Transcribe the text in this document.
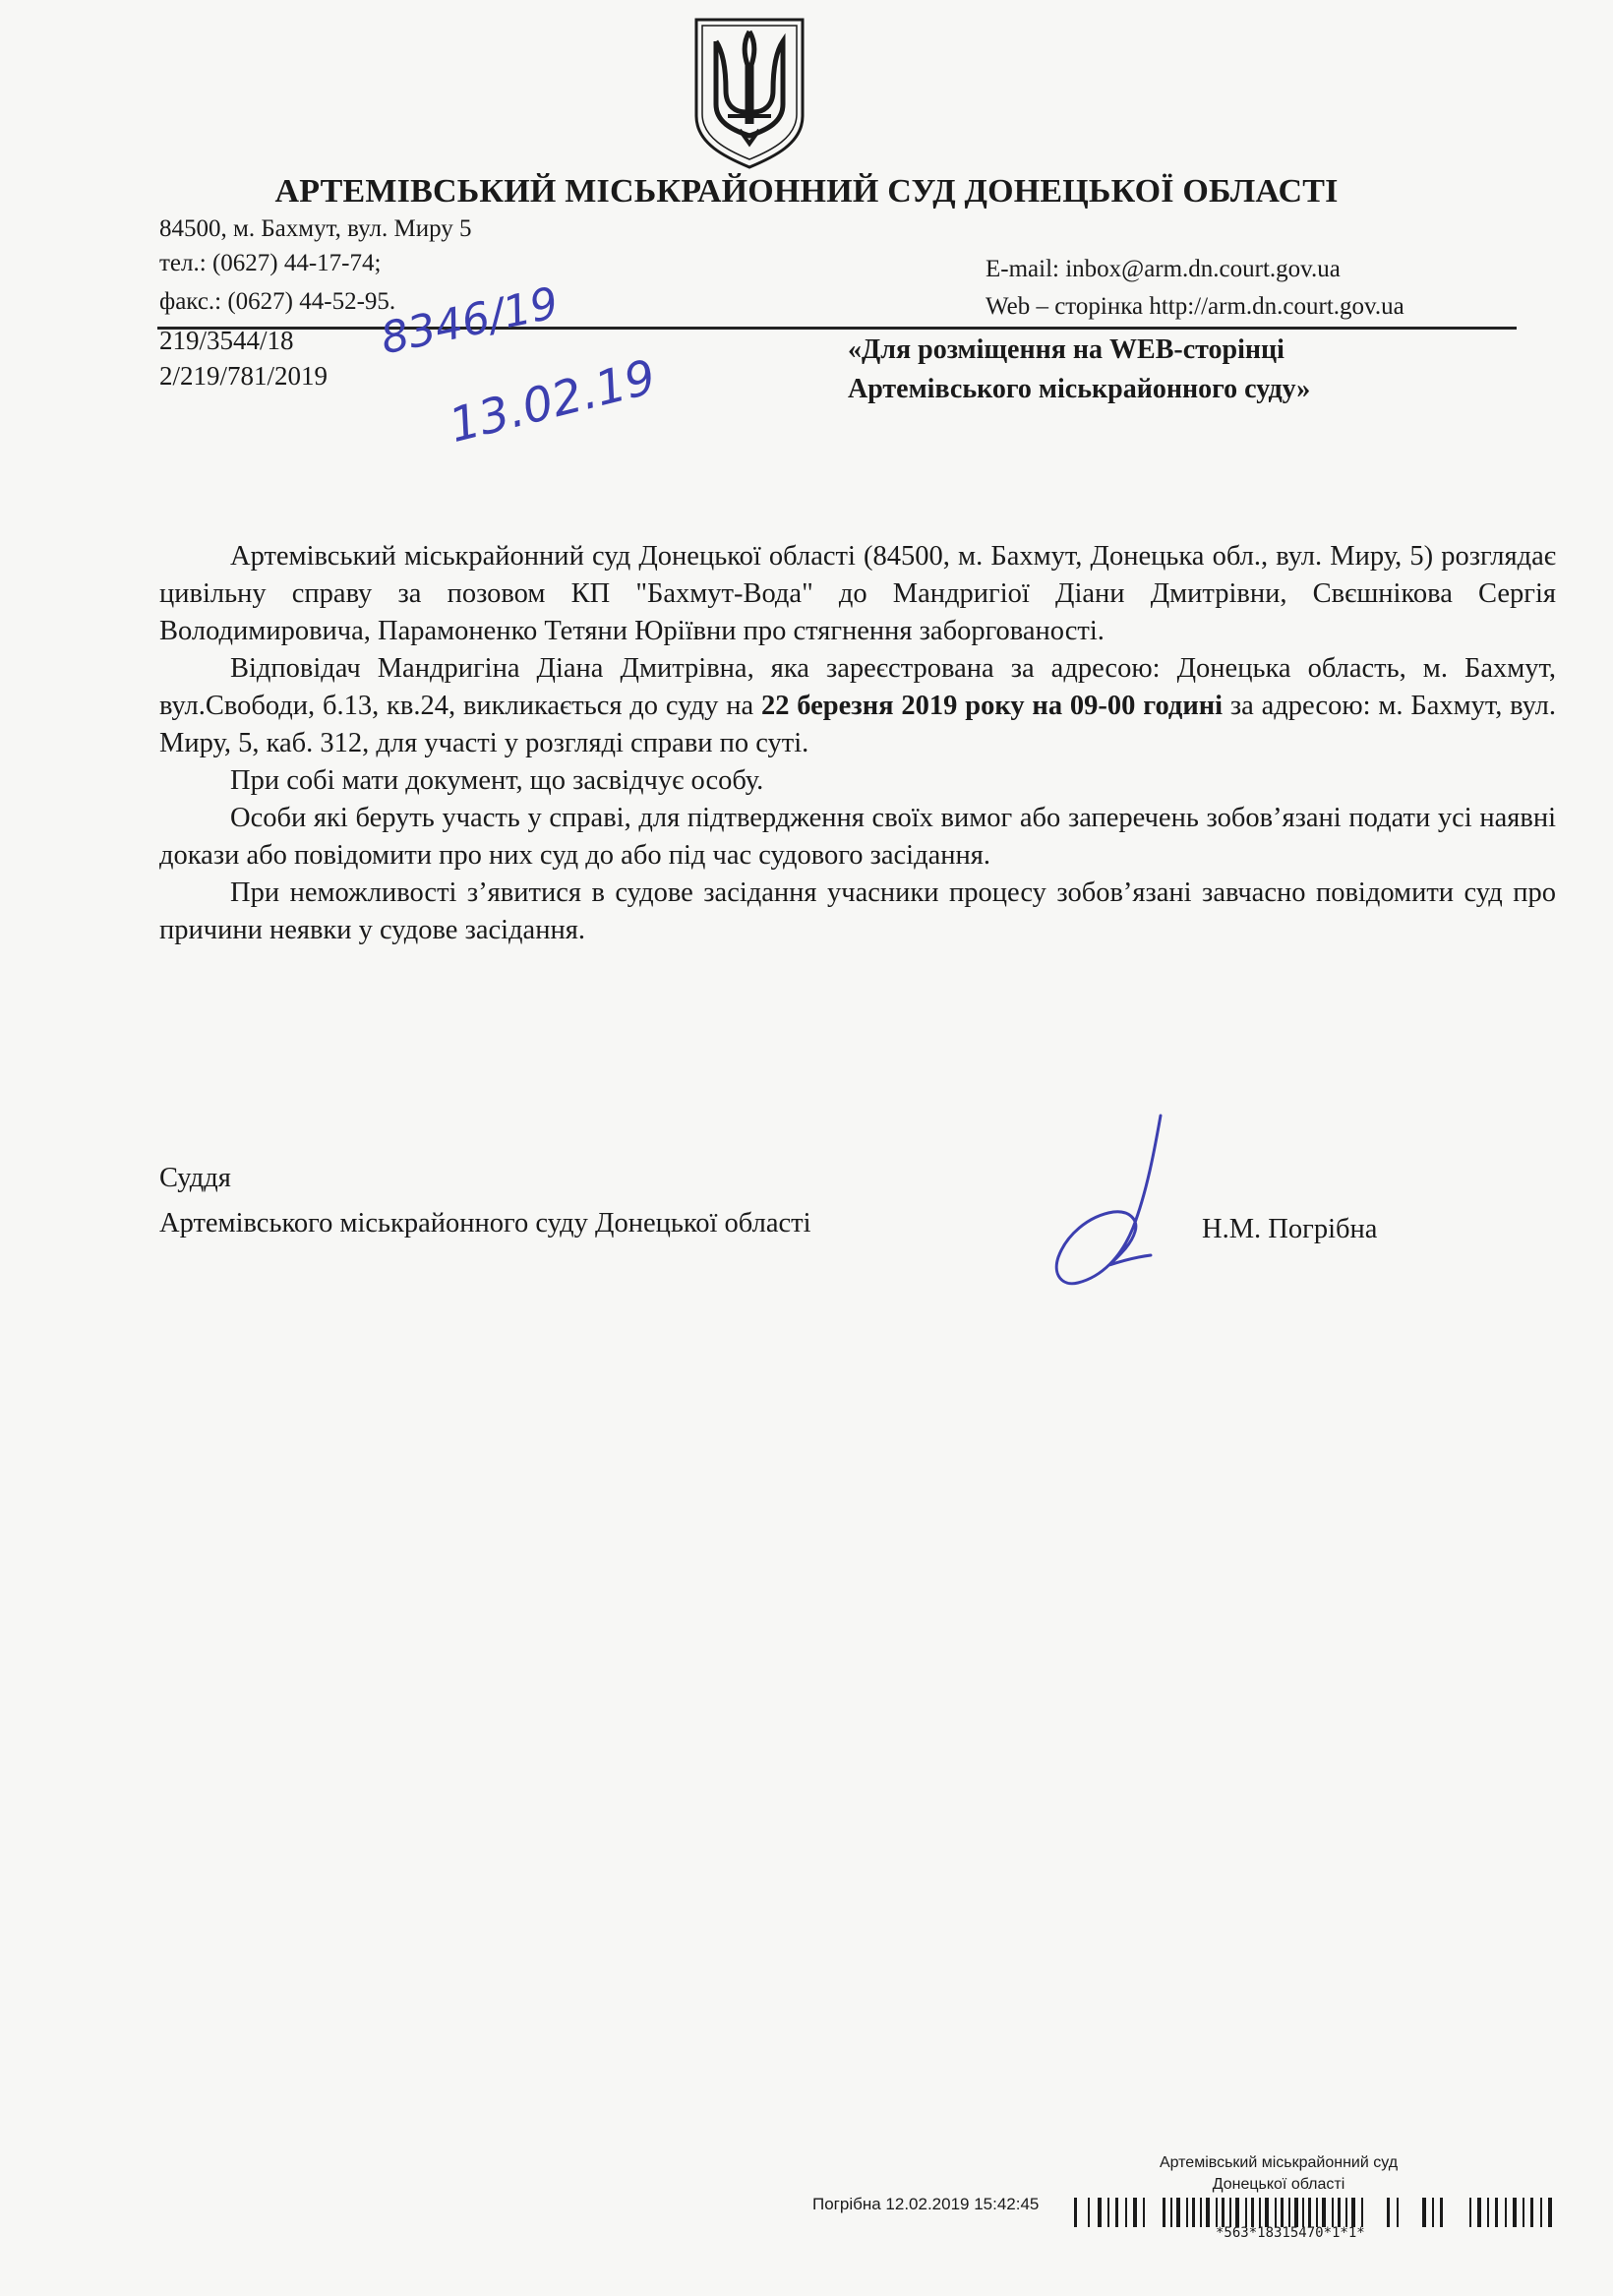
АРТЕМІВСЬКИЙ МІСЬКРАЙОННИЙ СУД ДОНЕЦЬКОЇ ОБЛАСТІ
84500, м. Бахмут, вул. Миру 5
тел.: (0627) 44-17-74;
факс.: (0627) 44-52-95.
E-mail: inbox@arm.dn.court.gov.ua
Web – сторінка http://arm.dn.court.gov.ua
219/3544/18
2/219/781/2019
8346/19
13.02.19	«Для розміщення на WEB-сторінці
Артемівського міськрайонного суду»

Артемівський міськрайонний суд Донецької області (84500, м. Бахмут, Донецька обл., вул. Миру, 5) розглядає цивільну справу за позовом КП "Бахмут-Вода" до Мандригіої Діани Дмитрівни, Свєшнікова Сергія Володимировича, Парамоненко Тетяни Юріївни про стягнення заборгованості.

Відповідач Мандригіна Діана Дмитрівна, яка зареєстрована за адресою: Донецька область, м. Бахмут, вул.Свободи, б.13, кв.24, викликається до суду на 22 березня 2019 року на 09-00 годині за адресою: м. Бахмут, вул. Миру, 5, каб. 312, для участі у розгляді справи по суті.

При собі мати документ, що засвідчує особу.

Особи які беруть участь у справі, для підтвердження своїх вимог або заперечень зобов’язані подати усі наявні докази або повідомити про них суд до або під час судового засідання.

При неможливості з’явитися в судове засідання учасники процесу зобов’язані завчасно повідомити суд про причини неявки у судове засідання.

Суддя
Артемівського міськрайонного суду Донецької області	Н.М. Погрібна
Артемівський міськрайонний суд
Донецької області
Погрібна 12.02.2019 15:42:45
*563*18315470*1*1*
